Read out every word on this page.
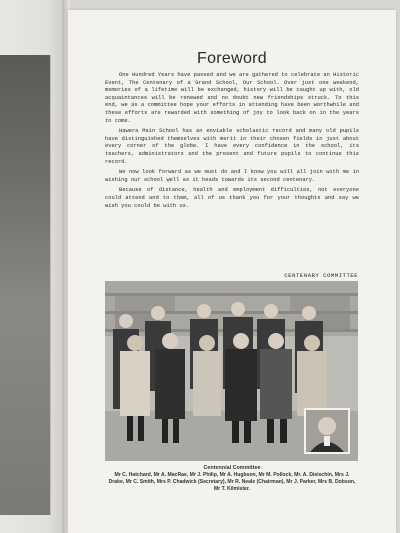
Foreword

One Hundred Years have passed and we are gathered to celebrate an Historic Event, The Centenary of a Grand School, Our School. Over just one weekend, memories of a lifetime will be exchanged, history will be caught up with, old acquaintances will be renewed and no doubt new friendships struck. To this end, we as a committee hope your efforts in attending have been worthwhile and these efforts are rewarded with something of joy to look back on in the years to come.

Hawera Main School has an enviable scholastic record and many old pupils have distinguished themselves with merit in their chosen fields in just about every corner of the globe. I have every confidence in the school, its teachers, administrators and the present and future pupils to continue this record.

We now look forward as we must do and I know you will all join with me in wishing our school well as it heads towards its second centenary.

Because of distance, health and employment difficulties, not everyone could attend and to them, all of us thank you for your thoughts and say we wish you could be with us.

CENTENARY COMMITTEE
Centennial Committee
Mr C. Hatchard, Mr A. MacRae, Mr J. Philip, Mr A. Hugbson, Mr M. Pollock, Mr. A. Dieischin, Mrs J. Drake, Mr C. Smith, Mrs P. Chadwick (Secretary), Mr R. Neale (Chairman), Mr J. Parker, Mrs B. Dobson, Mr T. Kilmister.
